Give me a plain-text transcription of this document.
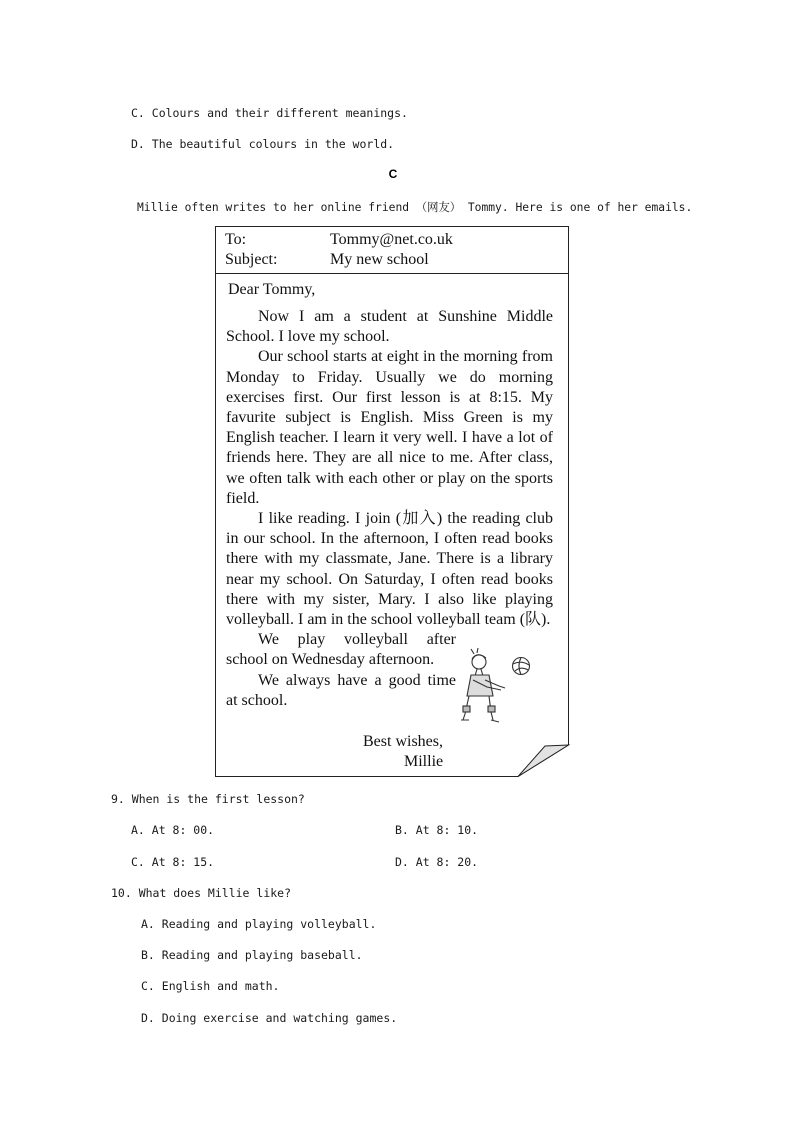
C. Colours and their different meanings.
D. The beautiful colours in the world.
C
Millie often writes to her online friend （网友） Tommy. Here is one of her emails.
To:	Tommy@net.co.uk
Subject:	My new school
Dear Tommy,

Now I am a student at Sunshine Middle School. I love my school.

Our school starts at eight in the morning from Monday to Friday. Usually we do morning exercises first. Our first lesson is at 8:15. My favurite subject is English. Miss Green is my English teacher. I learn it very well. I have a lot of friends here. They are all nice to me. After class, we often talk with each other or play on the sports field.

I like reading. I join (加入) the reading club in our school. In the afternoon, I often read books there with my classmate, Jane. There is a library near my school. On Saturday, I often read books there with my sister, Mary. I also like playing volleyball. I am in the school volleyball team (队).

We play volleyball after school on Wednesday afternoon.

We always have a good time at school.

Best wishes,
Millie
9. When is the first lesson?
A. At 8: 00.	B. At 8: 10.
C. At 8: 15.	D. At 8: 20.
10. What does Millie like?
A. Reading and playing volleyball.
B. Reading and playing baseball.
C. English and math.
D. Doing exercise and watching games.
